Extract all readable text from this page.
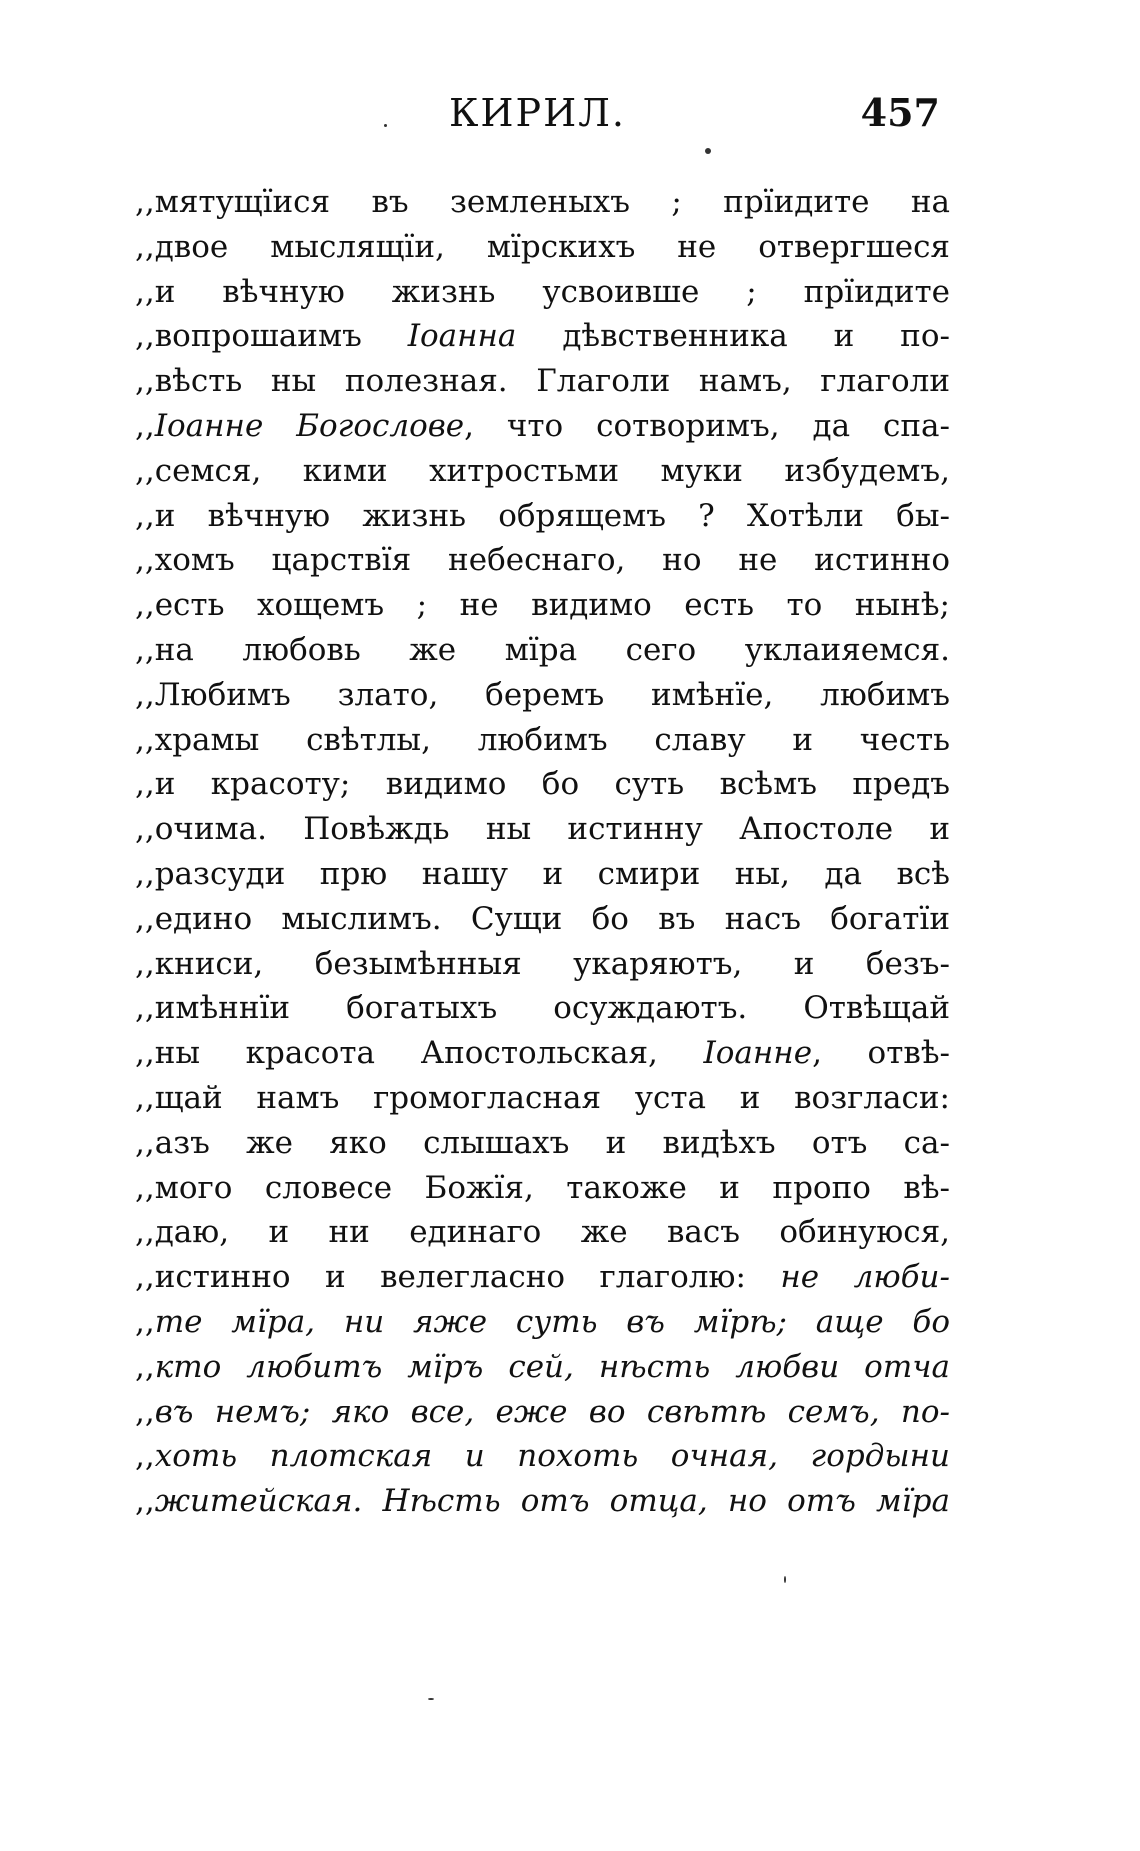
КИРИЛ.	457
,,мятущїися въ земленыхъ ; прїидите на
,,двое мыслящїи, мїрскихъ не отвергшеся
,,и вѣчную жизнь усвоивше ; прїидите
,,вопрошаимъ Іоанна дѣвственника и по-
,,вѣсть ны полезная. Глаголи намъ, глаголи
,,Іоанне Богослове, что сотворимъ, да спа-
,,семся, кими хитростьми муки избудемъ,
,,и вѣчную жизнь обрящемъ ? Хотѣли бы-
,,хомъ царствїя небеснаго, но не истинно
,,есть хощемъ ; не видимо есть то нынѣ;
,,на любовь же мїра сего уклаияемся.
,,Любимъ злато, беремъ имѣнїе, любимъ
,,храмы свѣтлы, любимъ славу и честь
,,и красоту; видимо бо суть всѣмъ предъ
,,очима. Повѣждь ны истинну Апостоле и
,,разсуди прю нашу и смири ны, да всѣ
,,едино мыслимъ. Сущи бо въ насъ богатїи
,,книси, безымѣнныя укаряютъ, и безъ-
,,имѣннїи богатыхъ осуждаютъ. Отвѣщай
,,ны красота Апостольская, Іоанне, отвѣ-
,,щай намъ громогласная уста и возгласи:
,,азъ же яко слышахъ и видѣхъ отъ са-
,,мого словесе Божїя, такоже и пропо вѣ-
,,даю, и ни единаго же васъ обинуюся,
,,истинно и велегласно глаголю: не люби-
,,те мїра, ни яже суть въ мїрѣ; аще бо
,,кто любитъ мїръ сей, нѣсть любви отча
,,въ немъ; яко все, еже во свѣтѣ семъ, по-
,,хоть плотская и похоть очная, гордыни
,,житейская. Нѣсть отъ отца, но отъ мїра
